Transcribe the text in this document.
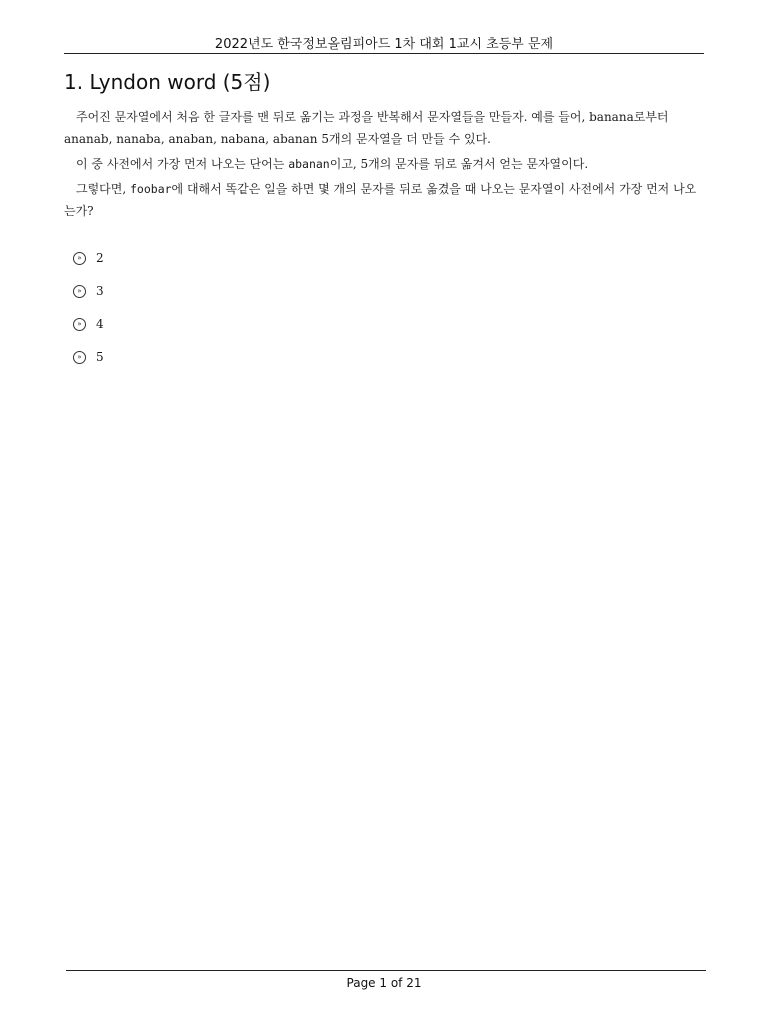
2022년도 한국정보올림피아드 1차 대회 1교시 초등부 문제
1. Lyndon word (5점)

주어진 문자열에서 처음 한 글자를 맨 뒤로 옮기는 과정을 반복해서 문자열들을 만들자. 예를 들어, banana로부터 ananab, nanaba, anaban, nabana, abanan 5개의 문자열을 더 만들 수 있다.

이 중 사전에서 가장 먼저 나오는 단어는 abanan이고, 5개의 문자를 뒤로 옮겨서 얻는 문자열이다.

그렇다면, foobar에 대해서 똑같은 일을 하면 몇 개의 문자를 뒤로 옮겼을 때 나오는 문자열이 사전에서 가장 먼저 나오는가?

»	2
»	3
»	4
»	5
Page 1 of 21
